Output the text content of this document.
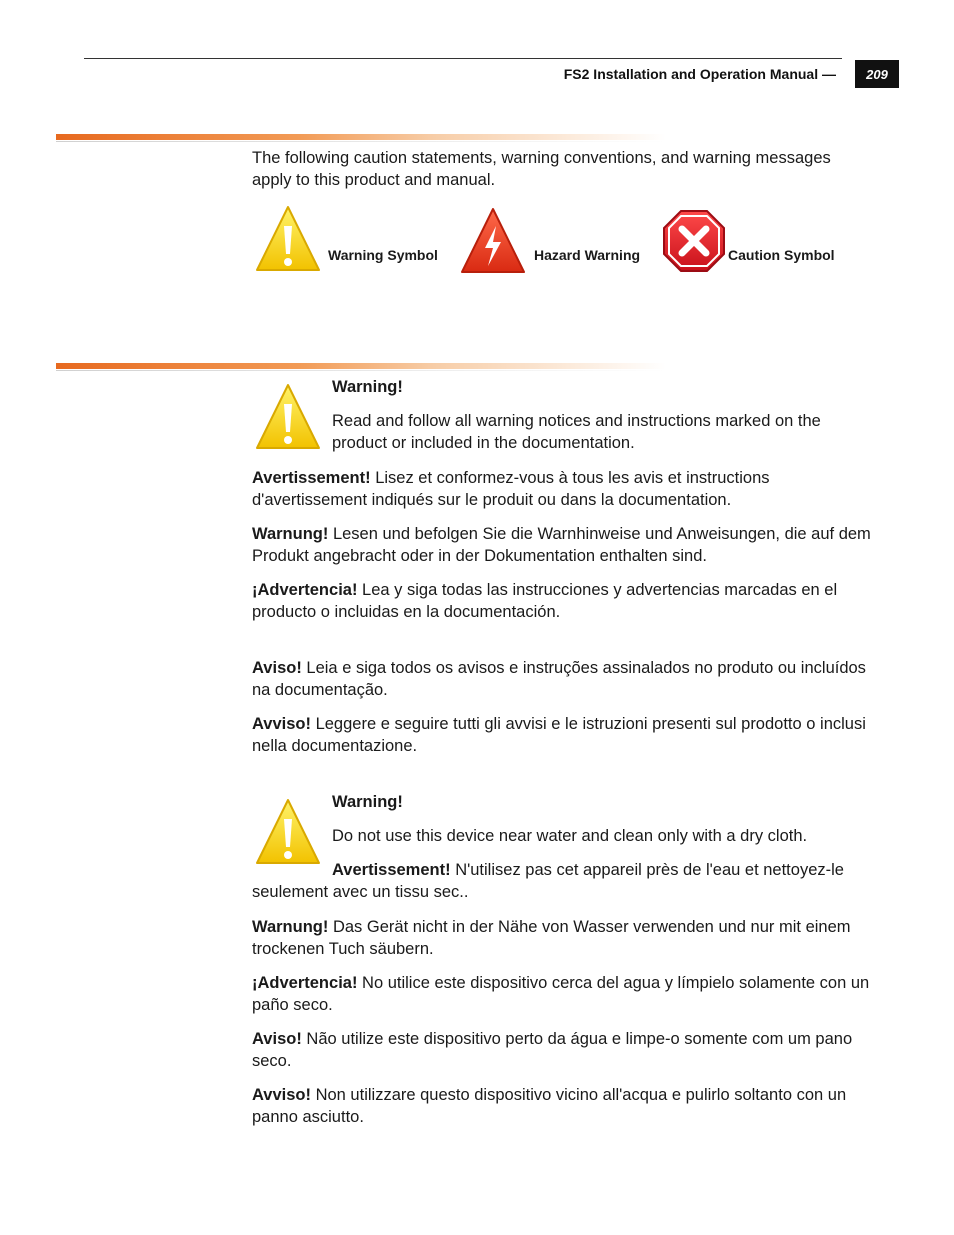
FS2 Installation and Operation Manual —	209

The following caution statements, warning conventions, and warning messages apply to this product and manual.

Warning Symbol	Hazard Warning	Caution Symbol

Warning!

Read and follow all warning notices and instructions marked on the product or included in the documentation.

Avertissement! Lisez et conformez-vous à tous les avis et instructions d'avertissement indiqués sur le produit ou dans la documentation.

Warnung! Lesen und befolgen Sie die Warnhinweise und Anweisungen, die auf dem Produkt angebracht oder in der Dokumentation enthalten sind.

¡Advertencia! Lea y siga todas las instrucciones y advertencias marcadas en el producto o incluidas en la documentación.

Aviso! Leia e siga todos os avisos e instruções assinalados no produto ou incluídos na documentação.

Avviso! Leggere e seguire tutti gli avvisi e le istruzioni presenti sul prodotto o inclusi nella documentazione.

Warning!

Do not use this device near water and clean only with a dry cloth.

Avertissement! N'utilisez pas cet appareil près de l'eau et nettoyez-le

seulement avec un tissu sec..

Warnung! Das Gerät nicht in der Nähe von Wasser verwenden und nur mit einem trockenen Tuch säubern.

¡Advertencia! No utilice este dispositivo cerca del agua y límpielo solamente con un paño seco.

Aviso! Não utilize este dispositivo perto da água e limpe-o somente com um pano seco.

Avviso! Non utilizzare questo dispositivo vicino all'acqua e pulirlo soltanto con un panno asciutto.
